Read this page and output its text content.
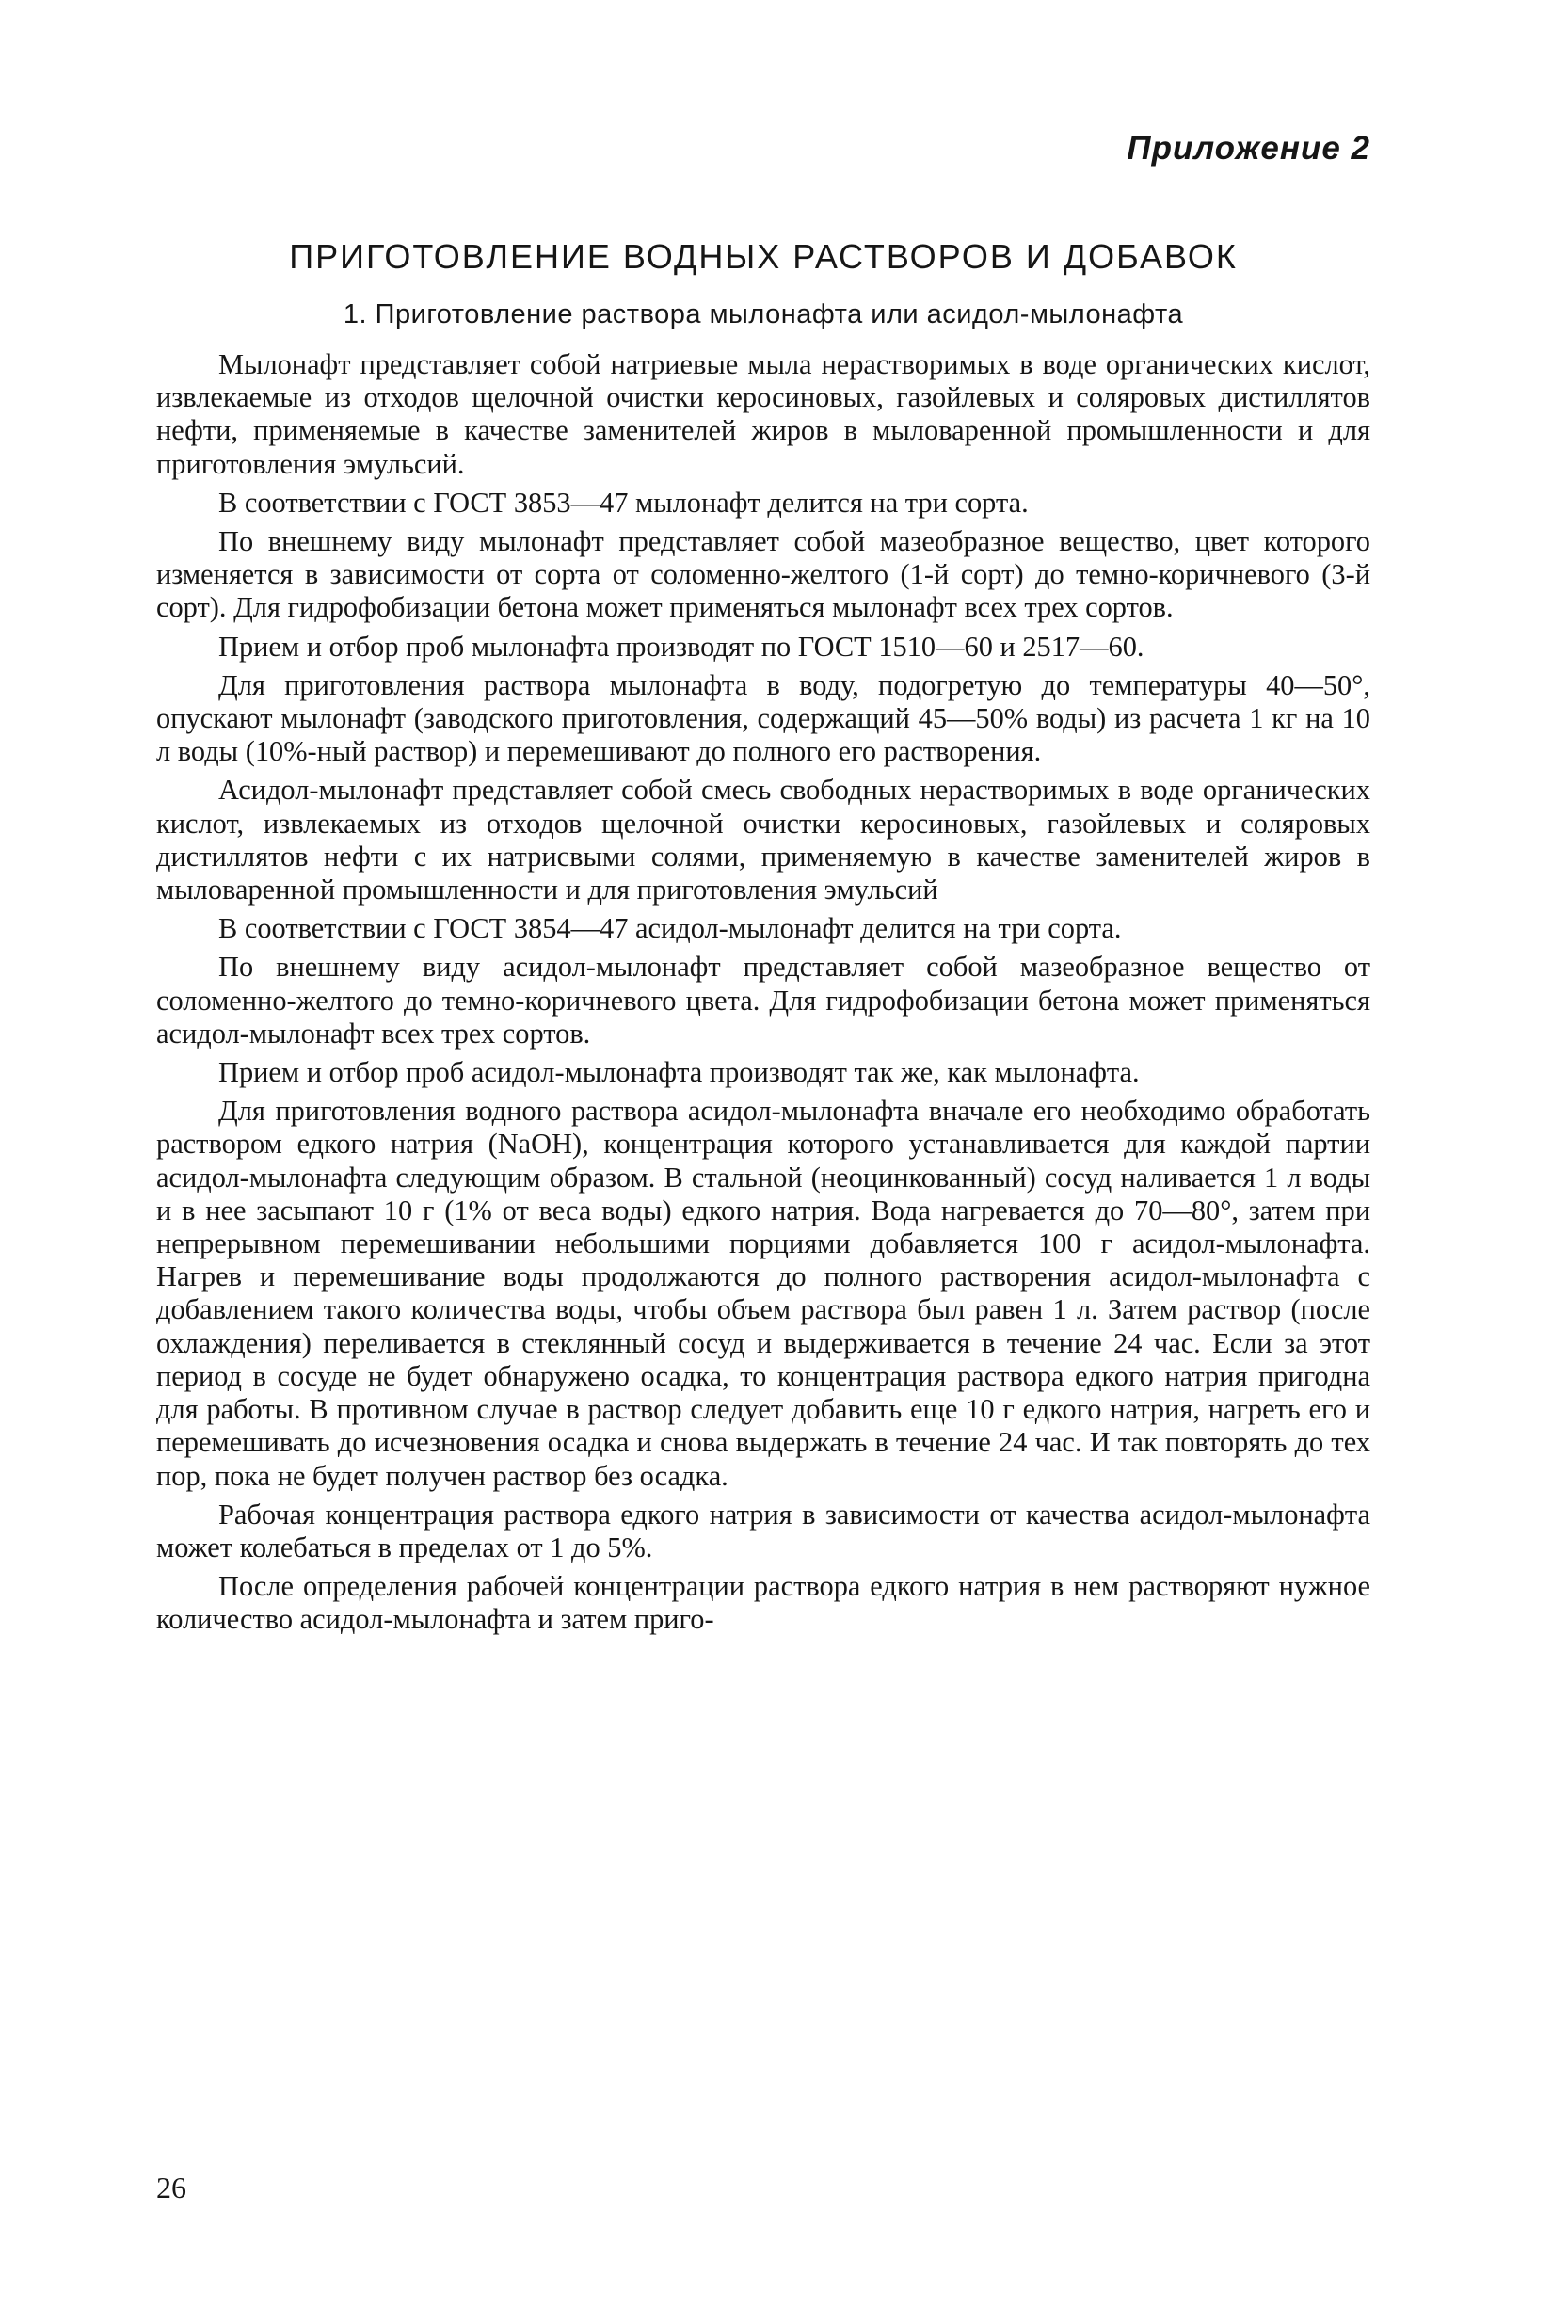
Приложение 2
ПРИГОТОВЛЕНИЕ ВОДНЫХ РАСТВОРОВ И ДОБАВОК
1. Приготовление раствора мылонафта или асидол-мылонафта

Мылонафт представляет собой натриевые мыла нерастворимых в воде органических кислот, извлекаемые из отходов щелочной очистки керосиновых, газойлевых и соляровых дистиллятов нефти, применяемые в качестве заменителей жиров в мыловаренной промышленности и для приготовления эмульсий.

В соответствии с ГОСТ 3853—47 мылонафт делится на три сорта.

По внешнему виду мылонафт представляет собой мазеобразное вещество, цвет которого изменяется в зависимости от сорта от соломенно-желтого (1-й сорт) до темно-коричневого (3-й сорт). Для гидрофобизации бетона может применяться мылонафт всех трех сортов.

Прием и отбор проб мылонафта производят по ГОСТ 1510—60 и 2517—60.

Для приготовления раствора мылонафта в воду, подогретую до температуры 40—50°, опускают мылонафт (заводского приготовления, содержащий 45—50% воды) из расчета 1 кг на 10 л воды (10%-ный раствор) и перемешивают до полного его растворения.

Асидол-мылонафт представляет собой смесь свободных нерастворимых в воде органических кислот, извлекаемых из отходов щелочной очистки керосиновых, газойлевых и соляровых дистиллятов нефти с их натрисвыми солями, применяемую в качестве заменителей жиров в мыловаренной промышленности и для приготовления эмульсий

В соответствии с ГОСТ 3854—47 асидол-мылонафт делится на три сорта.

По внешнему виду асидол-мылонафт представляет собой мазеобразное вещество от соломенно-желтого до темно-коричневого цвета. Для гидрофобизации бетона может применяться асидол-мылонафт всех трех сортов.

Прием и отбор проб асидол-мылонафта производят так же, как мылонафта.

Для приготовления водного раствора асидол-мылонафта вначале его необходимо обработать раствором едкого натрия (NaOH), концентрация которого устанавливается для каждой партии асидол-мылонафта следующим образом. В стальной (неоцинкованный) сосуд наливается 1 л воды и в нее засыпают 10 г (1% от веса воды) едкого натрия. Вода нагревается до 70—80°, затем при непрерывном перемешивании небольшими порциями добавляется 100 г асидол-мылонафта. Нагрев и перемешивание воды продолжаются до полного растворения асидол-мылонафта с добавлением такого количества воды, чтобы объем раствора был равен 1 л. Затем раствор (после охлаждения) переливается в стеклянный сосуд и выдерживается в течение 24 час. Если за этот период в сосуде не будет обнаружено осадка, то концентрация раствора едкого натрия пригодна для работы. В противном случае в раствор следует добавить еще 10 г едкого натрия, нагреть его и перемешивать до исчезновения осадка и снова выдержать в течение 24 час. И так повторять до тех пор, пока не будет получен раствор без осадка.

Рабочая концентрация раствора едкого натрия в зависимости от качества асидол-мылонафта может колебаться в пределах от 1 до 5%.

После определения рабочей концентрации раствора едкого натрия в нем растворяют нужное количество асидол-мылонафта и затем приго-

26
